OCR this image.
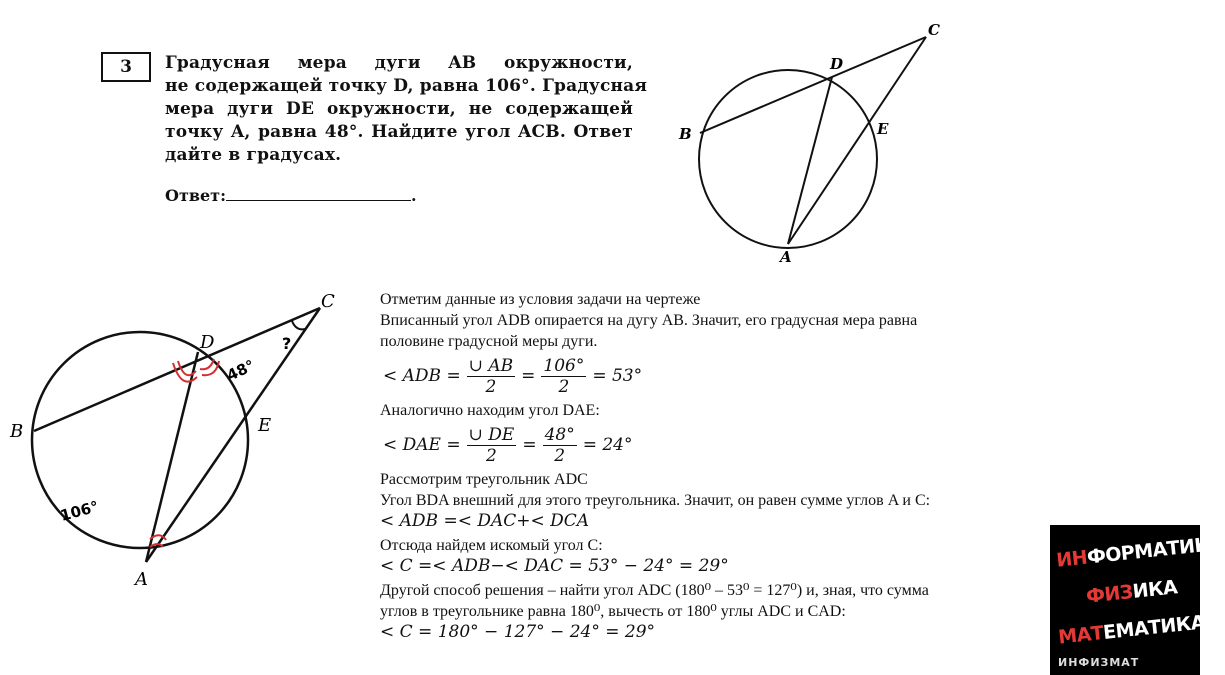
3	Градусная мера дуги AB окружности,
не содержащей точку D, равна 106°. Градусная
мера дуги DE окружности, не содержащей
точку A, равна 48°. Найдите угол ACB. Ответ
дайте в градусах.
Ответ:	.
C
D
B	E
A
C
D
B	E
A
106°
48°
?
Отметим данные из условия задачи на чертеже
Вписанный угол ADB опирается на дугу AB. Значит, его градусная мера равна
половине градусной меры дуги.
< ADB = $\frac{\cup AB}{2} = \frac{106^\circ}{2} = 53^\circ$
Аналогично находим угол DAE:
< DAE = $\frac{\cup DE}{2} = \frac{48^\circ}{2} = 24^\circ$
Рассмотрим треугольник ADC
Угол BDA внешний для этого треугольника. Значит, он равен сумме углов A и C:
< ADB =< DAC+< DCA
Отсюда найдем искомый угол C:
< C =< ADB−< DAC = 53° − 24° = 29°
Другой способ решения – найти угол ADC (180⁰ – 53⁰ = 127⁰) и, зная, что сумма
углов в треугольнике равна 180⁰, вычесть от 180⁰ углы ADC и CAD:
< C = 180° − 127° − 24° = 29°
ИНФОРМАТИКА
ФИЗИКА
МАТЕМАТИКА
ИНФИЗМАТ
